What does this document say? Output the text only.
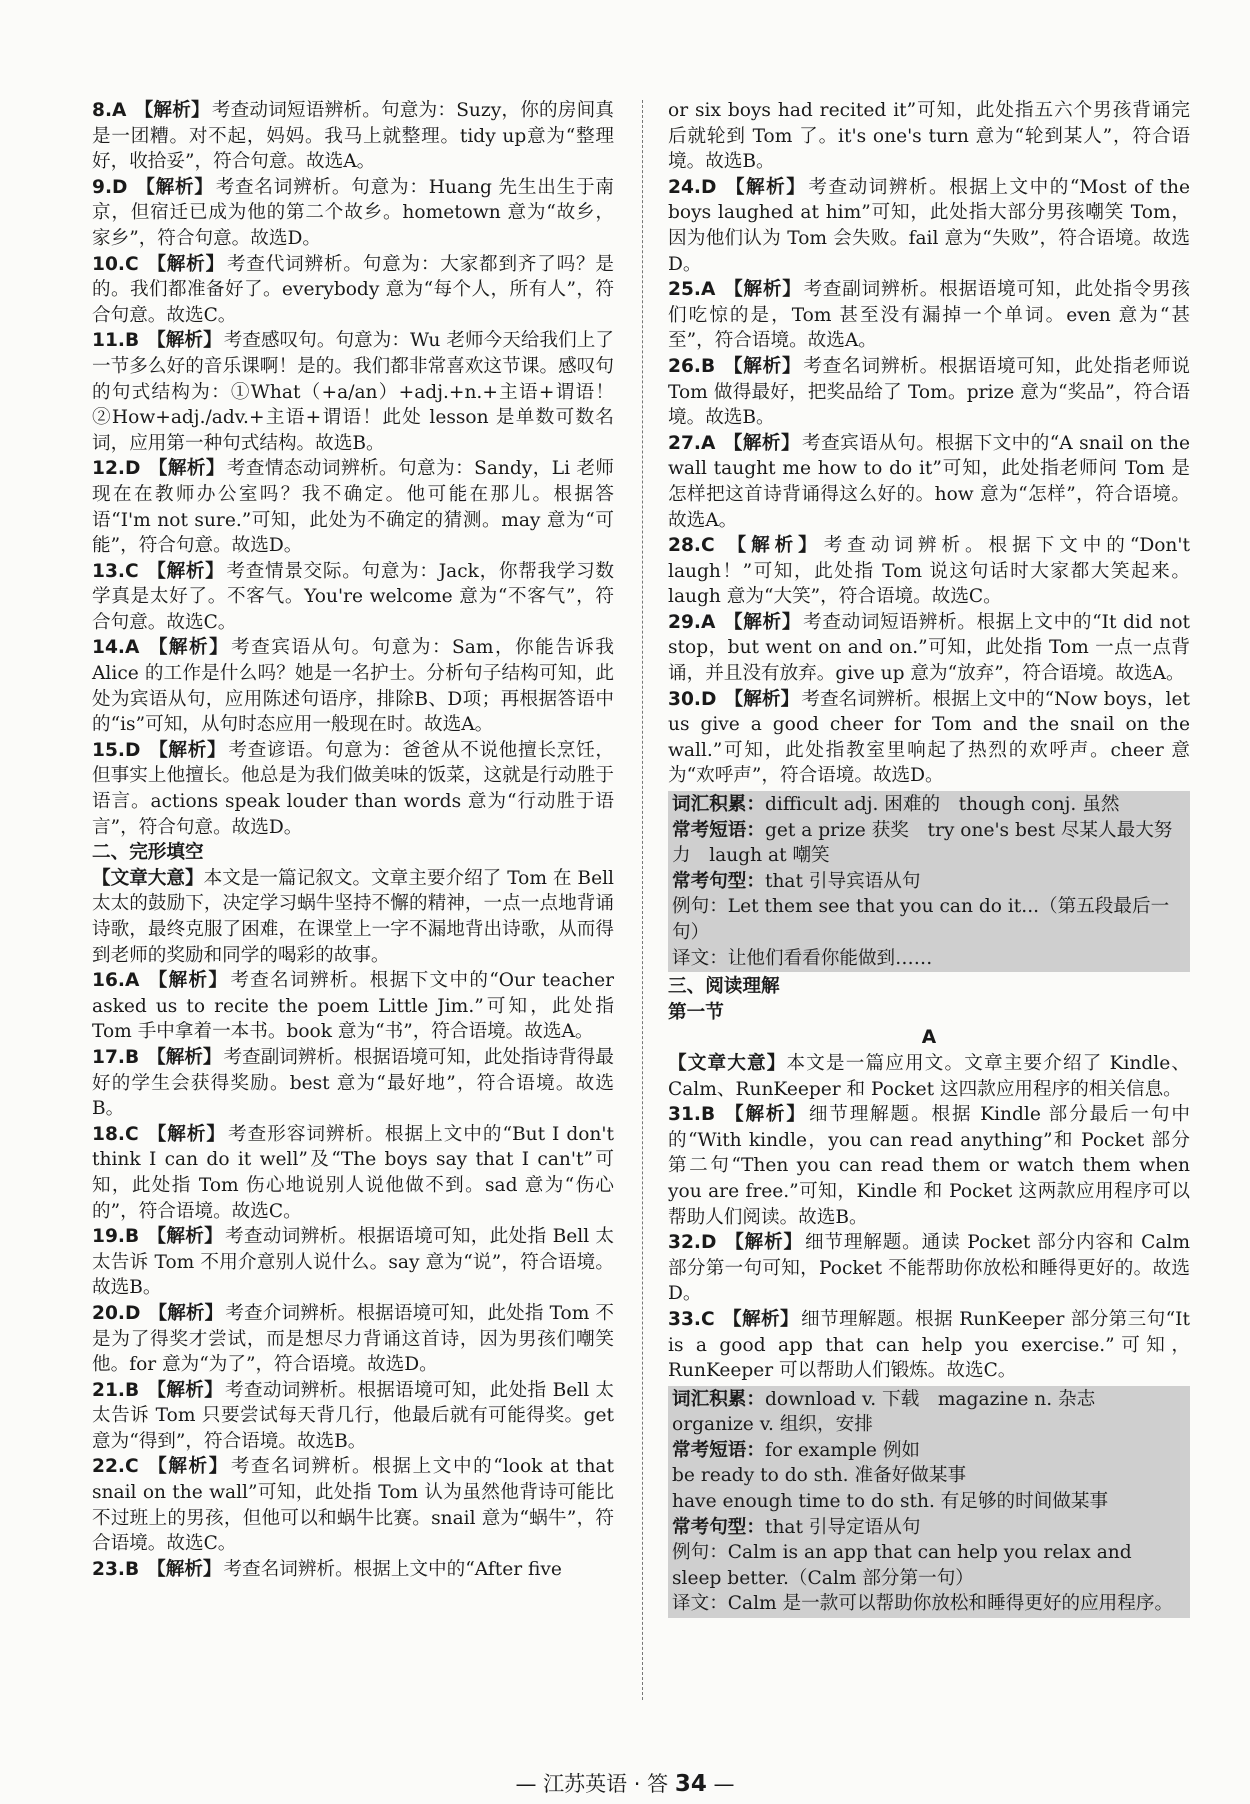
8.A 【解析】 考查动词短语辨析。句意为：Suzy，你的房间真是一团糟。对不起，妈妈。我马上就整理。tidy up意为“整理好，收拾妥”，符合句意。故选A。
9.D 【解析】 考查名词辨析。句意为：Huang 先生出生于南京，但宿迁已成为他的第二个故乡。hometown 意为“故乡，家乡”，符合句意。故选D。
10.C 【解析】 考查代词辨析。句意为：大家都到齐了吗？是的。我们都准备好了。everybody 意为“每个人，所有人”，符合句意。故选C。
11.B 【解析】 考查感叹句。句意为：Wu 老师今天给我们上了一节多么好的音乐课啊！是的。我们都非常喜欢这节课。感叹句的句式结构为：①What（+a/an）+adj.+n.+主语+谓语！②How+adj./adv.+主语+谓语！此处 lesson 是单数可数名词，应用第一种句式结构。故选B。
12.D 【解析】 考查情态动词辨析。句意为：Sandy，Li 老师现在在教师办公室吗？我不确定。他可能在那儿。根据答语“I'm not sure.”可知，此处为不确定的猜测。may 意为“可能”，符合句意。故选D。
13.C 【解析】 考查情景交际。句意为：Jack，你帮我学习数学真是太好了。不客气。You're welcome 意为“不客气”，符合句意。故选C。
14.A 【解析】 考查宾语从句。句意为：Sam，你能告诉我Alice 的工作是什么吗？她是一名护士。分析句子结构可知，此处为宾语从句，应用陈述句语序，排除B、D项；再根据答语中的“is”可知，从句时态应用一般现在时。故选A。
15.D 【解析】 考查谚语。句意为：爸爸从不说他擅长烹饪，但事实上他擅长。他总是为我们做美味的饭菜，这就是行动胜于语言。actions speak louder than words 意为“行动胜于语言”，符合句意。故选D。
二、完形填空
【文章大意】本文是一篇记叙文。文章主要介绍了 Tom 在 Bell 太太的鼓励下，决定学习蜗牛坚持不懈的精神，一点一点地背诵诗歌，最终克服了困难，在课堂上一字不漏地背出诗歌，从而得到老师的奖励和同学的喝彩的故事。
16.A 【解析】 考查名词辨析。根据下文中的“Our teacher asked us to recite the poem Little Jim.”可知，此处指 Tom 手中拿着一本书。book 意为“书”，符合语境。故选A。
17.B 【解析】 考查副词辨析。根据语境可知，此处指诗背得最好的学生会获得奖励。best 意为“最好地”，符合语境。故选B。
18.C 【解析】 考查形容词辨析。根据上文中的“But I don't think I can do it well”及“The boys say that I can't”可知，此处指 Tom 伤心地说别人说他做不到。sad 意为“伤心的”，符合语境。故选C。
19.B 【解析】 考查动词辨析。根据语境可知，此处指 Bell 太太告诉 Tom 不用介意别人说什么。say 意为“说”，符合语境。故选B。
20.D 【解析】 考查介词辨析。根据语境可知，此处指 Tom 不是为了得奖才尝试，而是想尽力背诵这首诗，因为男孩们嘲笑他。for 意为“为了”，符合语境。故选D。
21.B 【解析】 考查动词辨析。根据语境可知，此处指 Bell 太太告诉 Tom 只要尝试每天背几行，他最后就有可能得奖。get 意为“得到”，符合语境。故选B。
22.C 【解析】 考查名词辨析。根据上文中的“look at that snail on the wall”可知，此处指 Tom 认为虽然他背诗可能比不过班上的男孩，但他可以和蜗牛比赛。snail 意为“蜗牛”，符合语境。故选C。
23.B 【解析】 考查名词辨析。根据上文中的“After five
or six boys had recited it”可知，此处指五六个男孩背诵完后就轮到 Tom 了。it's one's turn 意为“轮到某人”，符合语境。故选B。
24.D 【解析】 考查动词辨析。根据上文中的“Most of the boys laughed at him”可知，此处指大部分男孩嘲笑 Tom，因为他们认为 Tom 会失败。fail 意为“失败”，符合语境。故选D。
25.A 【解析】 考查副词辨析。根据语境可知，此处指令男孩们吃惊的是，Tom 甚至没有漏掉一个单词。even 意为“甚至”，符合语境。故选A。
26.B 【解析】 考查名词辨析。根据语境可知，此处指老师说 Tom 做得最好，把奖品给了 Tom。prize 意为“奖品”，符合语境。故选B。
27.A 【解析】 考查宾语从句。根据下文中的“A snail on the wall taught me how to do it”可知，此处指老师问 Tom 是怎样把这首诗背诵得这么好的。how 意为“怎样”，符合语境。故选A。
28.C 【解析】 考查动词辨析。根据下文中的“Don't laugh！”可知，此处指 Tom 说这句话时大家都大笑起来。laugh 意为“大笑”，符合语境。故选C。
29.A 【解析】 考查动词短语辨析。根据上文中的“It did not stop，but went on and on.”可知，此处指 Tom 一点一点背诵，并且没有放弃。give up 意为“放弃”，符合语境。故选A。
30.D 【解析】 考查名词辨析。根据上文中的“Now boys，let us give a good cheer for Tom and the snail on the wall.”可知，此处指教室里响起了热烈的欢呼声。cheer 意为“欢呼声”，符合语境。故选D。
词汇积累：difficult adj. 困难的　though conj. 虽然
常考短语：get a prize 获奖　try one's best 尽某人最大努力　laugh at 嘲笑
常考句型：that 引导宾语从句
例句：Let them see that you can do it...（第五段最后一句）
译文：让他们看看你能做到……
三、阅读理解
第一节
A
【文章大意】本文是一篇应用文。文章主要介绍了 Kindle、Calm、RunKeeper 和 Pocket 这四款应用程序的相关信息。
31.B 【解析】 细节理解题。根据 Kindle 部分最后一句中的“With kindle，you can read anything”和 Pocket 部分第二句“Then you can read them or watch them when you are free.”可知，Kindle 和 Pocket 这两款应用程序可以帮助人们阅读。故选B。
32.D 【解析】 细节理解题。通读 Pocket 部分内容和 Calm 部分第一句可知，Pocket 不能帮助你放松和睡得更好的。故选D。
33.C 【解析】 细节理解题。根据 RunKeeper 部分第三句“It is a good app that can help you exercise.”可知，RunKeeper 可以帮助人们锻炼。故选C。
词汇积累：download v. 下载　magazine n. 杂志　organize v. 组织，安排
常考短语：for example 例如
be ready to do sth. 准备好做某事
have enough time to do sth. 有足够的时间做某事
常考句型：that 引导定语从句
例句：Calm is an app that can help you relax and sleep better.（Calm 部分第一句）
译文：Calm 是一款可以帮助你放松和睡得更好的应用程序。
— 江苏英语 · 答 34 —
